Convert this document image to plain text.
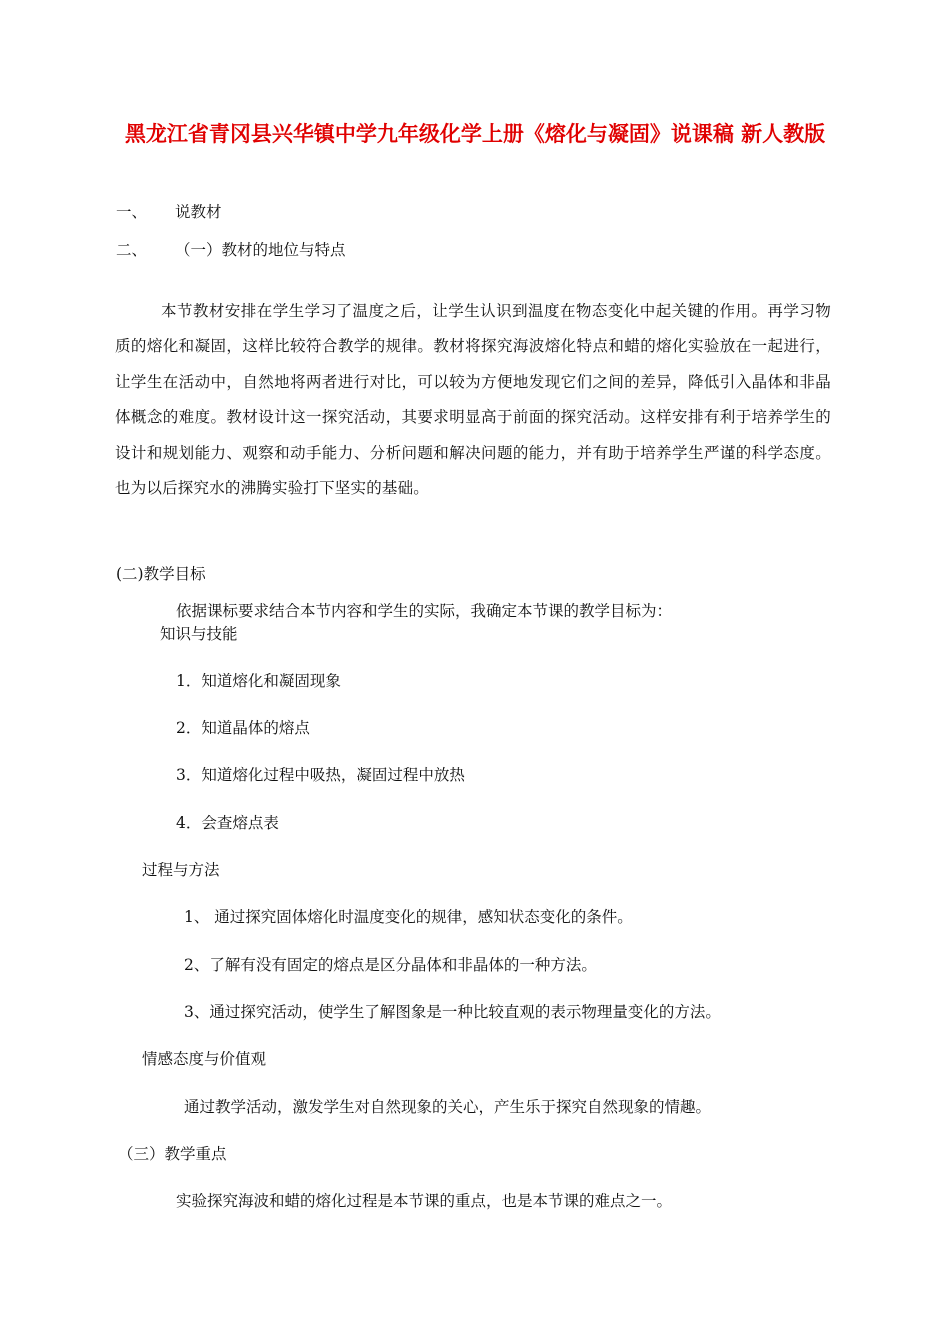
黑龙江省青冈县兴华镇中学九年级化学上册《熔化与凝固》说课稿 新人教版
一、 说教材
二、 （一）教材的地位与特点
本节教材安排在学生学习了温度之后，让学生认识到温度在物态变化中起关键的作用。再学习物质的熔化和凝固，这样比较符合教学的规律。教材将探究海波熔化特点和蜡的熔化实验放在一起进行，让学生在活动中，自然地将两者进行对比，可以较为方便地发现它们之间的差异，降低引入晶体和非晶体概念的难度。教材设计这一探究活动，其要求明显高于前面的探究活动。这样安排有利于培养学生的设计和规划能力、观察和动手能力、分析问题和解决问题的能力，并有助于培养学生严谨的科学态度。也为以后探究水的沸腾实验打下坚实的基础。
(二)教学目标
依据课标要求结合本节内容和学生的实际，我确定本节课的教学目标为：
知识与技能
1．知道熔化和凝固现象
2．知道晶体的熔点
3．知道熔化过程中吸热，凝固过程中放热
4．会查熔点表
过程与方法
1、 通过探究固体熔化时温度变化的规律，感知状态变化的条件。
2、了解有没有固定的熔点是区分晶体和非晶体的一种方法。
3、通过探究活动，使学生了解图象是一种比较直观的表示物理量变化的方法。
情感态度与价值观
通过教学活动，激发学生对自然现象的关心，产生乐于探究自然现象的情趣。
（三）教学重点
实验探究海波和蜡的熔化过程是本节课的重点，也是本节课的难点之一。
